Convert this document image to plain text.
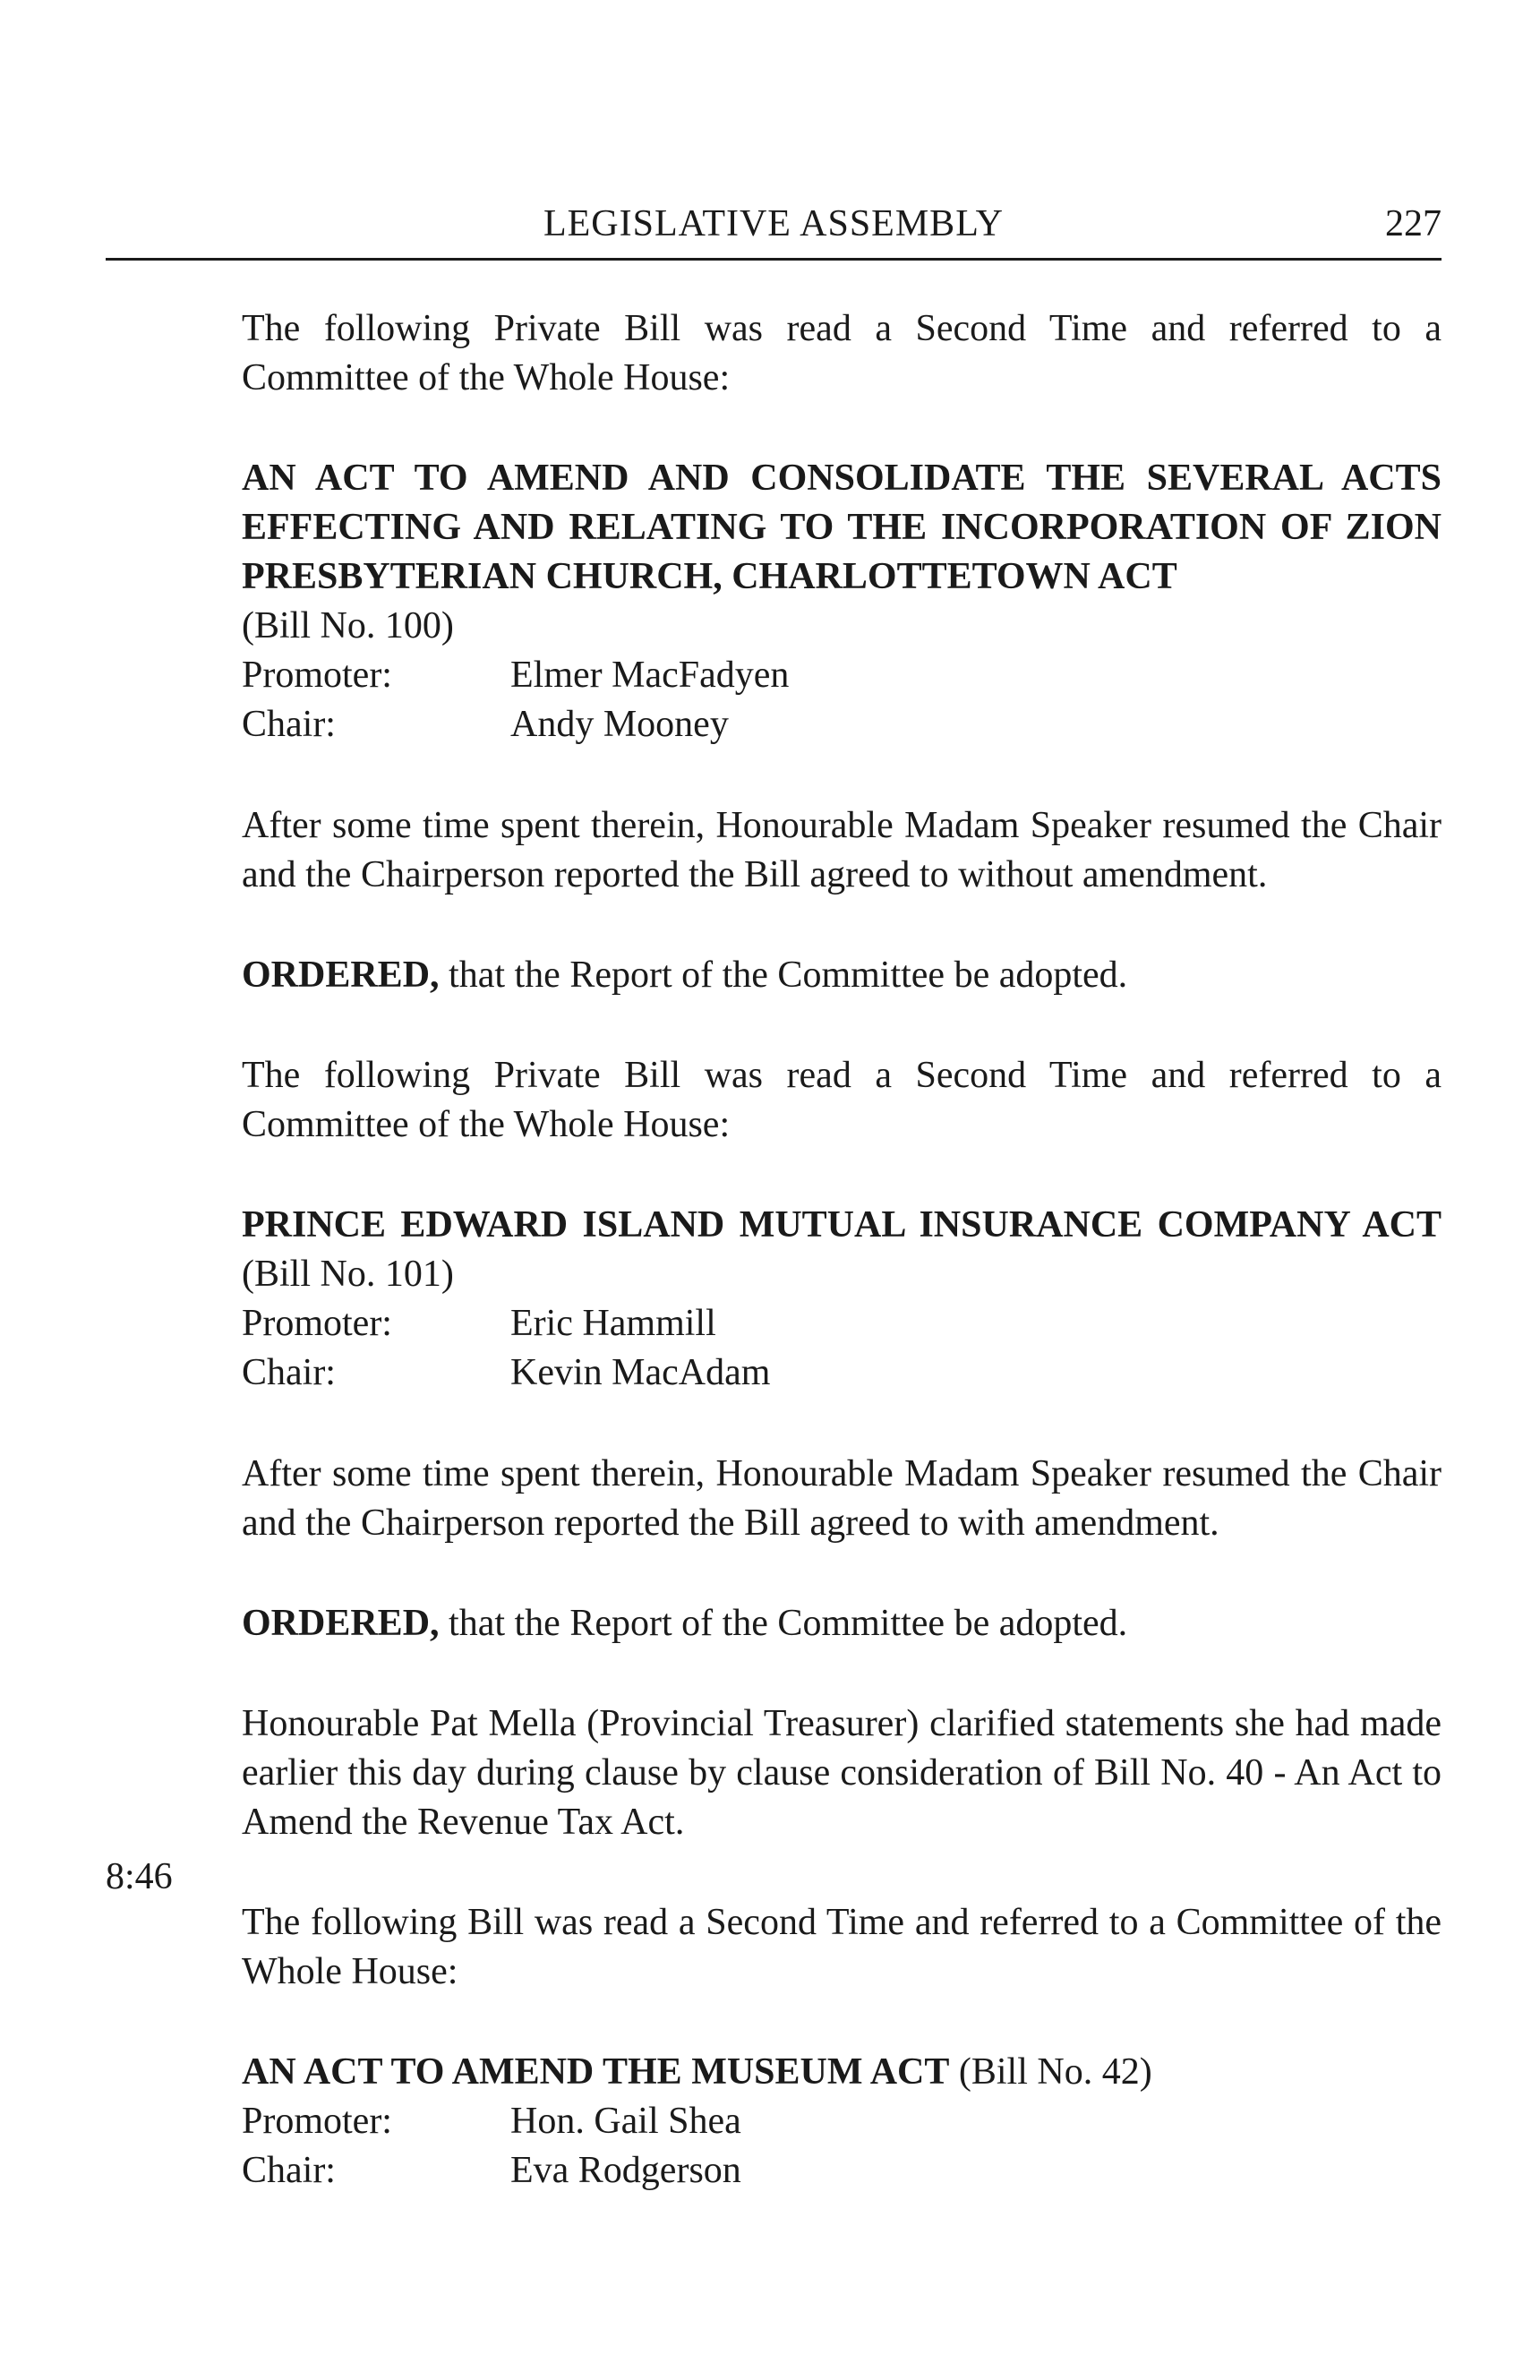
LEGISLATIVE ASSEMBLY	227
8:46

The following Private Bill was read a Second Time and referred to a Committee of the Whole House:

AN ACT TO AMEND AND CONSOLIDATE THE SEVERAL ACTS EFFECTING AND RELATING TO THE INCORPORATION OF ZION PRESBYTERIAN CHURCH, CHARLOTTETOWN ACT
(Bill No. 100)
Promoter:	Elmer MacFadyen
Chair:	Andy Mooney

After some time spent therein, Honourable Madam Speaker resumed the Chair and the Chairperson reported the Bill agreed to without amendment.

ORDERED, that the Report of the Committee be adopted.

The following Private Bill was read a Second Time and referred to a Committee of the Whole House:

PRINCE EDWARD ISLAND MUTUAL INSURANCE COMPANY ACT (Bill No. 101)
Promoter:	Eric Hammill
Chair:	Kevin MacAdam

After some time spent therein, Honourable Madam Speaker resumed the Chair and the Chairperson reported the Bill agreed to with amendment.

ORDERED, that the Report of the Committee be adopted.

Honourable Pat Mella (Provincial Treasurer) clarified statements she had made earlier this day during clause by clause consideration of Bill No. 40 - An Act to Amend the Revenue Tax Act.

The following Bill was read a Second Time and referred to a Committee of the Whole House:

AN ACT TO AMEND THE MUSEUM ACT (Bill No. 42)
Promoter:	Hon. Gail Shea
Chair:	Eva Rodgerson
